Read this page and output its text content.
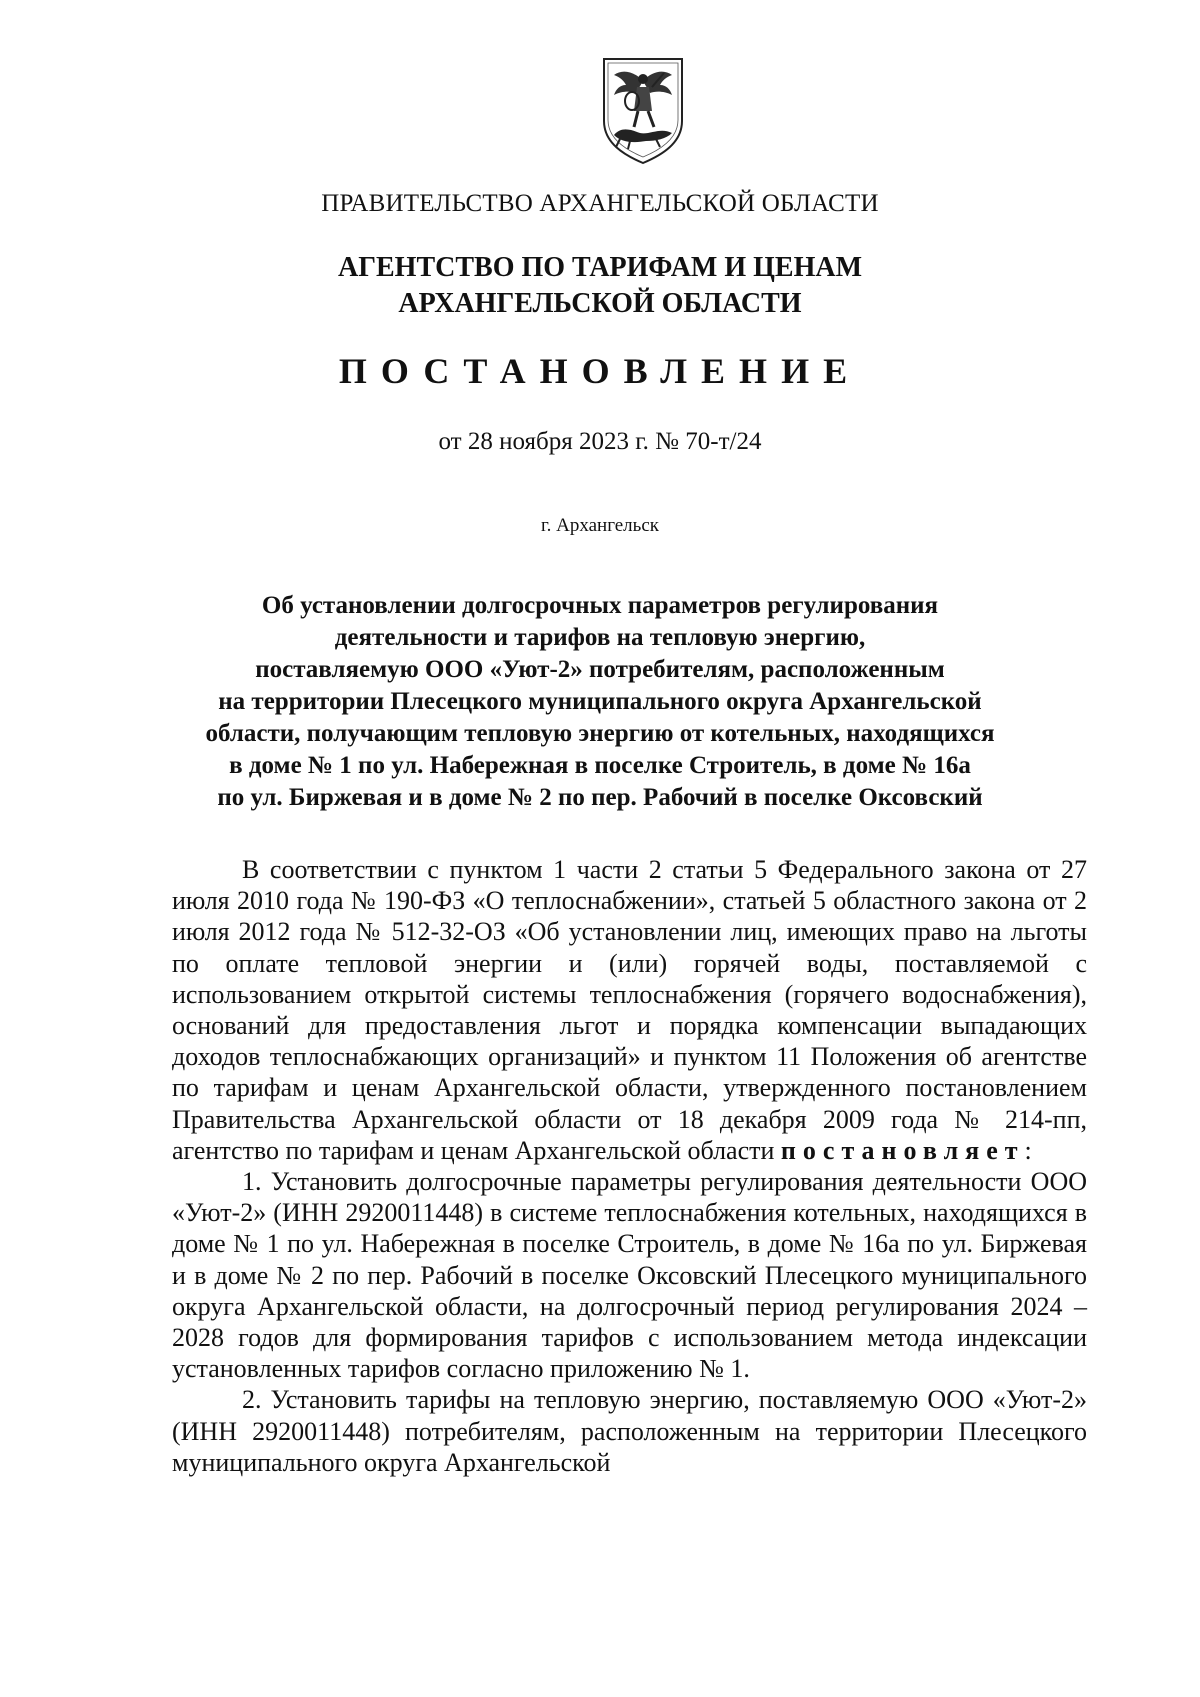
ПРАВИТЕЛЬСТВО АРХАНГЕЛЬСКОЙ ОБЛАСТИ
АГЕНТСТВО ПО ТАРИФАМ И ЦЕНАМ
АРХАНГЕЛЬСКОЙ ОБЛАСТИ
ПОСТАНОВЛЕНИЕ
от 28 ноября 2023 г. № 70-т/24
г. Архангельск
Об установлении долгосрочных параметров регулирования
деятельности и тарифов на тепловую энергию,
поставляемую ООО «Уют-2» потребителям, расположенным
на территории Плесецкого муниципального округа Архангельской
области, получающим тепловую энергию от котельных, находящихся
в доме № 1 по ул. Набережная в поселке Строитель, в доме № 16а
по ул. Биржевая и в доме № 2 по пер. Рабочий в поселке Оксовский

В соответствии с пунктом 1 части 2 статьи 5 Федерального закона от 27 июля 2010 года № 190-ФЗ «О теплоснабжении», статьей 5 областного закона от 2 июля 2012 года № 512-32-ОЗ «Об установлении лиц, имеющих право на льготы по оплате тепловой энергии и (или) горячей воды, поставляемой с использованием открытой системы теплоснабжения (горячего водоснабжения), оснований для предоставления льгот и порядка компенсации выпадающих доходов теплоснабжающих организаций» и пунктом 11 Положения об агентстве по тарифам и ценам Архангельской области, утвержденного постановлением Правительства Архангельской области от 18 декабря 2009 года № 214-пп, агентство по тарифам и ценам Архангельской области постановляет:

1. Установить долгосрочные параметры регулирования деятельности ООО «Уют-2» (ИНН 2920011448) в системе теплоснабжения котельных, находящихся в доме № 1 по ул. Набережная в поселке Строитель, в доме № 16а по ул. Биржевая и в доме № 2 по пер. Рабочий в поселке Оксовский Плесецкого муниципального округа Архангельской области, на долгосрочный период регулирования 2024 – 2028 годов для формирования тарифов с использованием метода индексации установленных тарифов согласно приложению № 1.

2. Установить тарифы на тепловую энергию, поставляемую ООО «Уют-2» (ИНН 2920011448) потребителям, расположенным на территории Плесецкого муниципального округа Архангельской
